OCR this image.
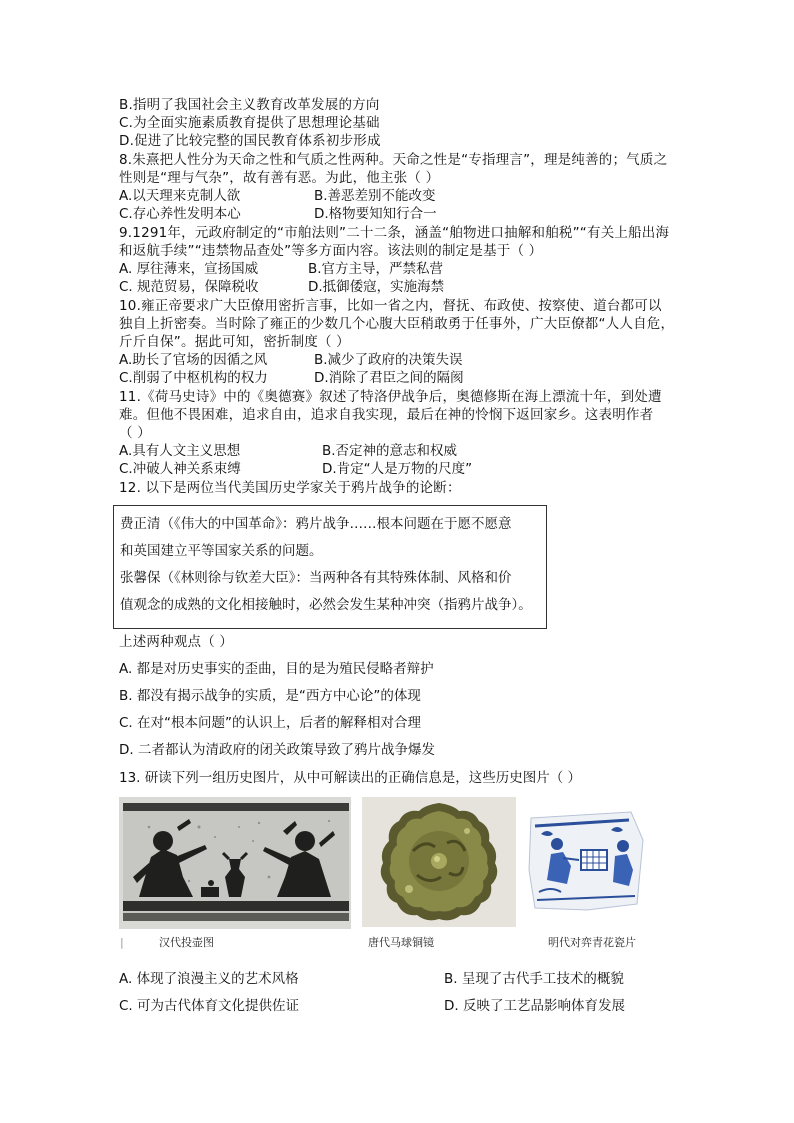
B.指明了我国社会主义教育改革发展的方向
C.为全面实施素质教育提供了思想理论基础
D.促进了比较完整的国民教育体系初步形成
8.朱熹把人性分为天命之性和气质之性两种。天命之性是“专指理言”，理是纯善的；气质之
性则是“理与气杂”，故有善有恶。为此，他主张（ ）
A.以天理来克制人欲	B.善恶差别不能改变
C.存心养性发明本心	D.格物要知知行合一
9.1291年，元政府制定的“市舶法则”二十二条，涵盖“舶物进口抽解和舶税”“有关上船出海
和返航手续”“违禁物品查处”等多方面内容。该法则的制定是基于（ ）
A. 厚往薄来，宣扬国威	B.官方主导，严禁私营
C. 规范贸易，保障税收	D.抵御倭寇，实施海禁
10.雍正帝要求广大臣僚用密折言事，比如一省之内，督抚、布政使、按察使、道台都可以
独自上折密奏。当时除了雍正的少数几个心腹大臣稍敢勇于任事外，广大臣僚都“人人自危，
斤斤自保”。据此可知，密折制度（ ）
A.助长了官场的因循之风	B.减少了政府的决策失误
C.削弱了中枢机构的权力	D.消除了君臣之间的隔阂
11.《荷马史诗》中的《奥德赛》叙述了特洛伊战争后，奥德修斯在海上漂流十年，到处遭
难。但他不畏困难，追求自由，追求自我实现，最后在神的怜悯下返回家乡。这表明作者
（ ）
A.具有人文主义思想	B.否定神的意志和权威
C.冲破人神关系束缚	D.肯定“人是万物的尺度”
12. 以下是两位当代美国历史学家关于鸦片战争的论断：
费正清（《伟大的中国革命》：鸦片战争……根本问题在于愿不愿意
和英国建立平等国家关系的问题。
张馨保（《林则徐与钦差大臣》：当两种各有其特殊体制、风格和价
值观念的成熟的文化相接触时，必然会发生某种冲突（指鸦片战争）。
上述两种观点（ ）
A. 都是对历史事实的歪曲，目的是为殖民侵略者辩护
B. 都没有揭示战争的实质，是“西方中心论”的体现
C. 在对“根本问题”的认识上，后者的解释相对合理
D. 二者都认为清政府的闭关政策导致了鸦片战争爆发
13. 研读下列一组历史图片，从中可解读出的正确信息是，这些历史图片（ ）
|	汉代投壶图	唐代马球铜镜	明代对弈青花瓷片
A. 体现了浪漫主义的艺术风格	B. 呈现了古代手工技术的概貌
C. 可为古代体育文化提供佐证	D. 反映了工艺品影响体育发展
